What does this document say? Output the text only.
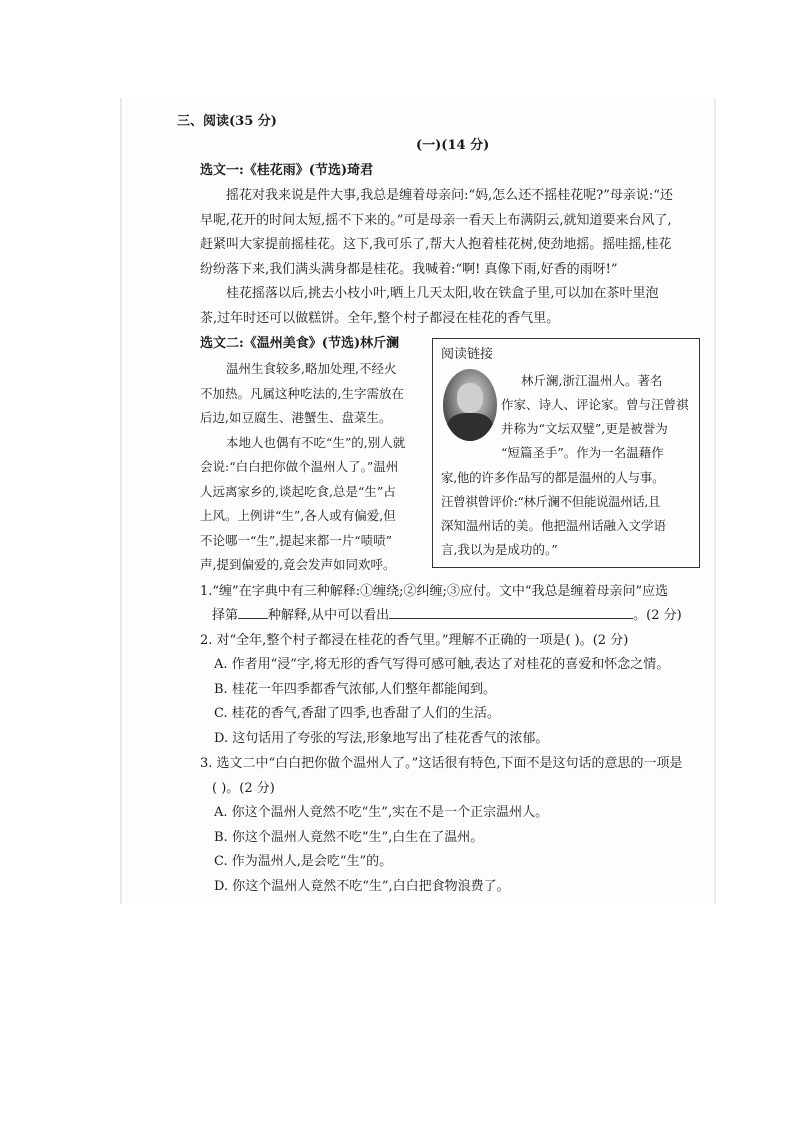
三、阅读(35 分)
(一)(14 分)
选文一:《桂花雨》(节选)琦君
摇花对我来说是件大事,我总是缠着母亲问:“妈,怎么还不摇桂花呢?”母亲说:“还
早呢,花开的时间太短,摇不下来的。”可是母亲一看天上布满阴云,就知道要来台风了,
赶紧叫大家提前摇桂花。这下,我可乐了,帮大人抱着桂花树,使劲地摇。摇哇摇,桂花
纷纷落下来,我们满头满身都是桂花。我喊着:“啊! 真像下雨,好香的雨呀!”
桂花摇落以后,挑去小枝小叶,晒上几天太阳,收在铁盒子里,可以加在茶叶里泡
茶,过年时还可以做糕饼。全年,整个村子都浸在桂花的香气里。
选文二:《温州美食》(节选)林斤澜
温州生食较多,略加处理,不经火
不加热。凡属这种吃法的,生字需放在
后边,如豆腐生、港蟹生、盘菜生。
本地人也偶有不吃“生”的,别人就
会说:“白白把你做个温州人了。”温州
人远离家乡的,谈起吃食,总是“生”占
上风。上例讲“生”,各人或有偏爱,但
不论哪一“生”,提起来都一片“啧啧”
声,提到偏爱的,竟会发声如同欢呼。
阅读链接
林斤澜,浙江温州人。著名
作家、诗人、评论家。曾与汪曾祺
并称为“文坛双璧”,更是被誉为
“短篇圣手”。作为一名温藉作
家,他的许多作品写的都是温州的人与事。
汪曾祺曾评价:“林斤澜不但能说温州话,且
深知温州话的美。他把温州话融入文学语
言,我以为是成功的。”
1.“缠”在字典中有三种解释:①缠绕;②纠缠;③应付。文中“我总是缠着母亲问”应选
择第 种解释,从中可以看出	。(2 分)
2. 对“全年,整个村子都浸在桂花的香气里。”理解不正确的一项是( )。(2 分)
A. 作者用“浸”字,将无形的香气写得可感可触,表达了对桂花的喜爱和怀念之情。
B. 桂花一年四季都香气浓郁,人们整年都能闻到。
C. 桂花的香气,香甜了四季,也香甜了人们的生活。
D. 这句话用了夸张的写法,形象地写出了桂花香气的浓郁。
3. 选文二中“白白把你做个温州人了。”这话很有特色,下面不是这句话的意思的一项是
( )。(2 分)
A. 你这个温州人竟然不吃“生”,实在不是一个正宗温州人。
B. 你这个温州人竟然不吃“生”,白生在了温州。
C. 作为温州人,是会吃“生”的。
D. 你这个温州人竟然不吃“生”,白白把食物浪费了。
